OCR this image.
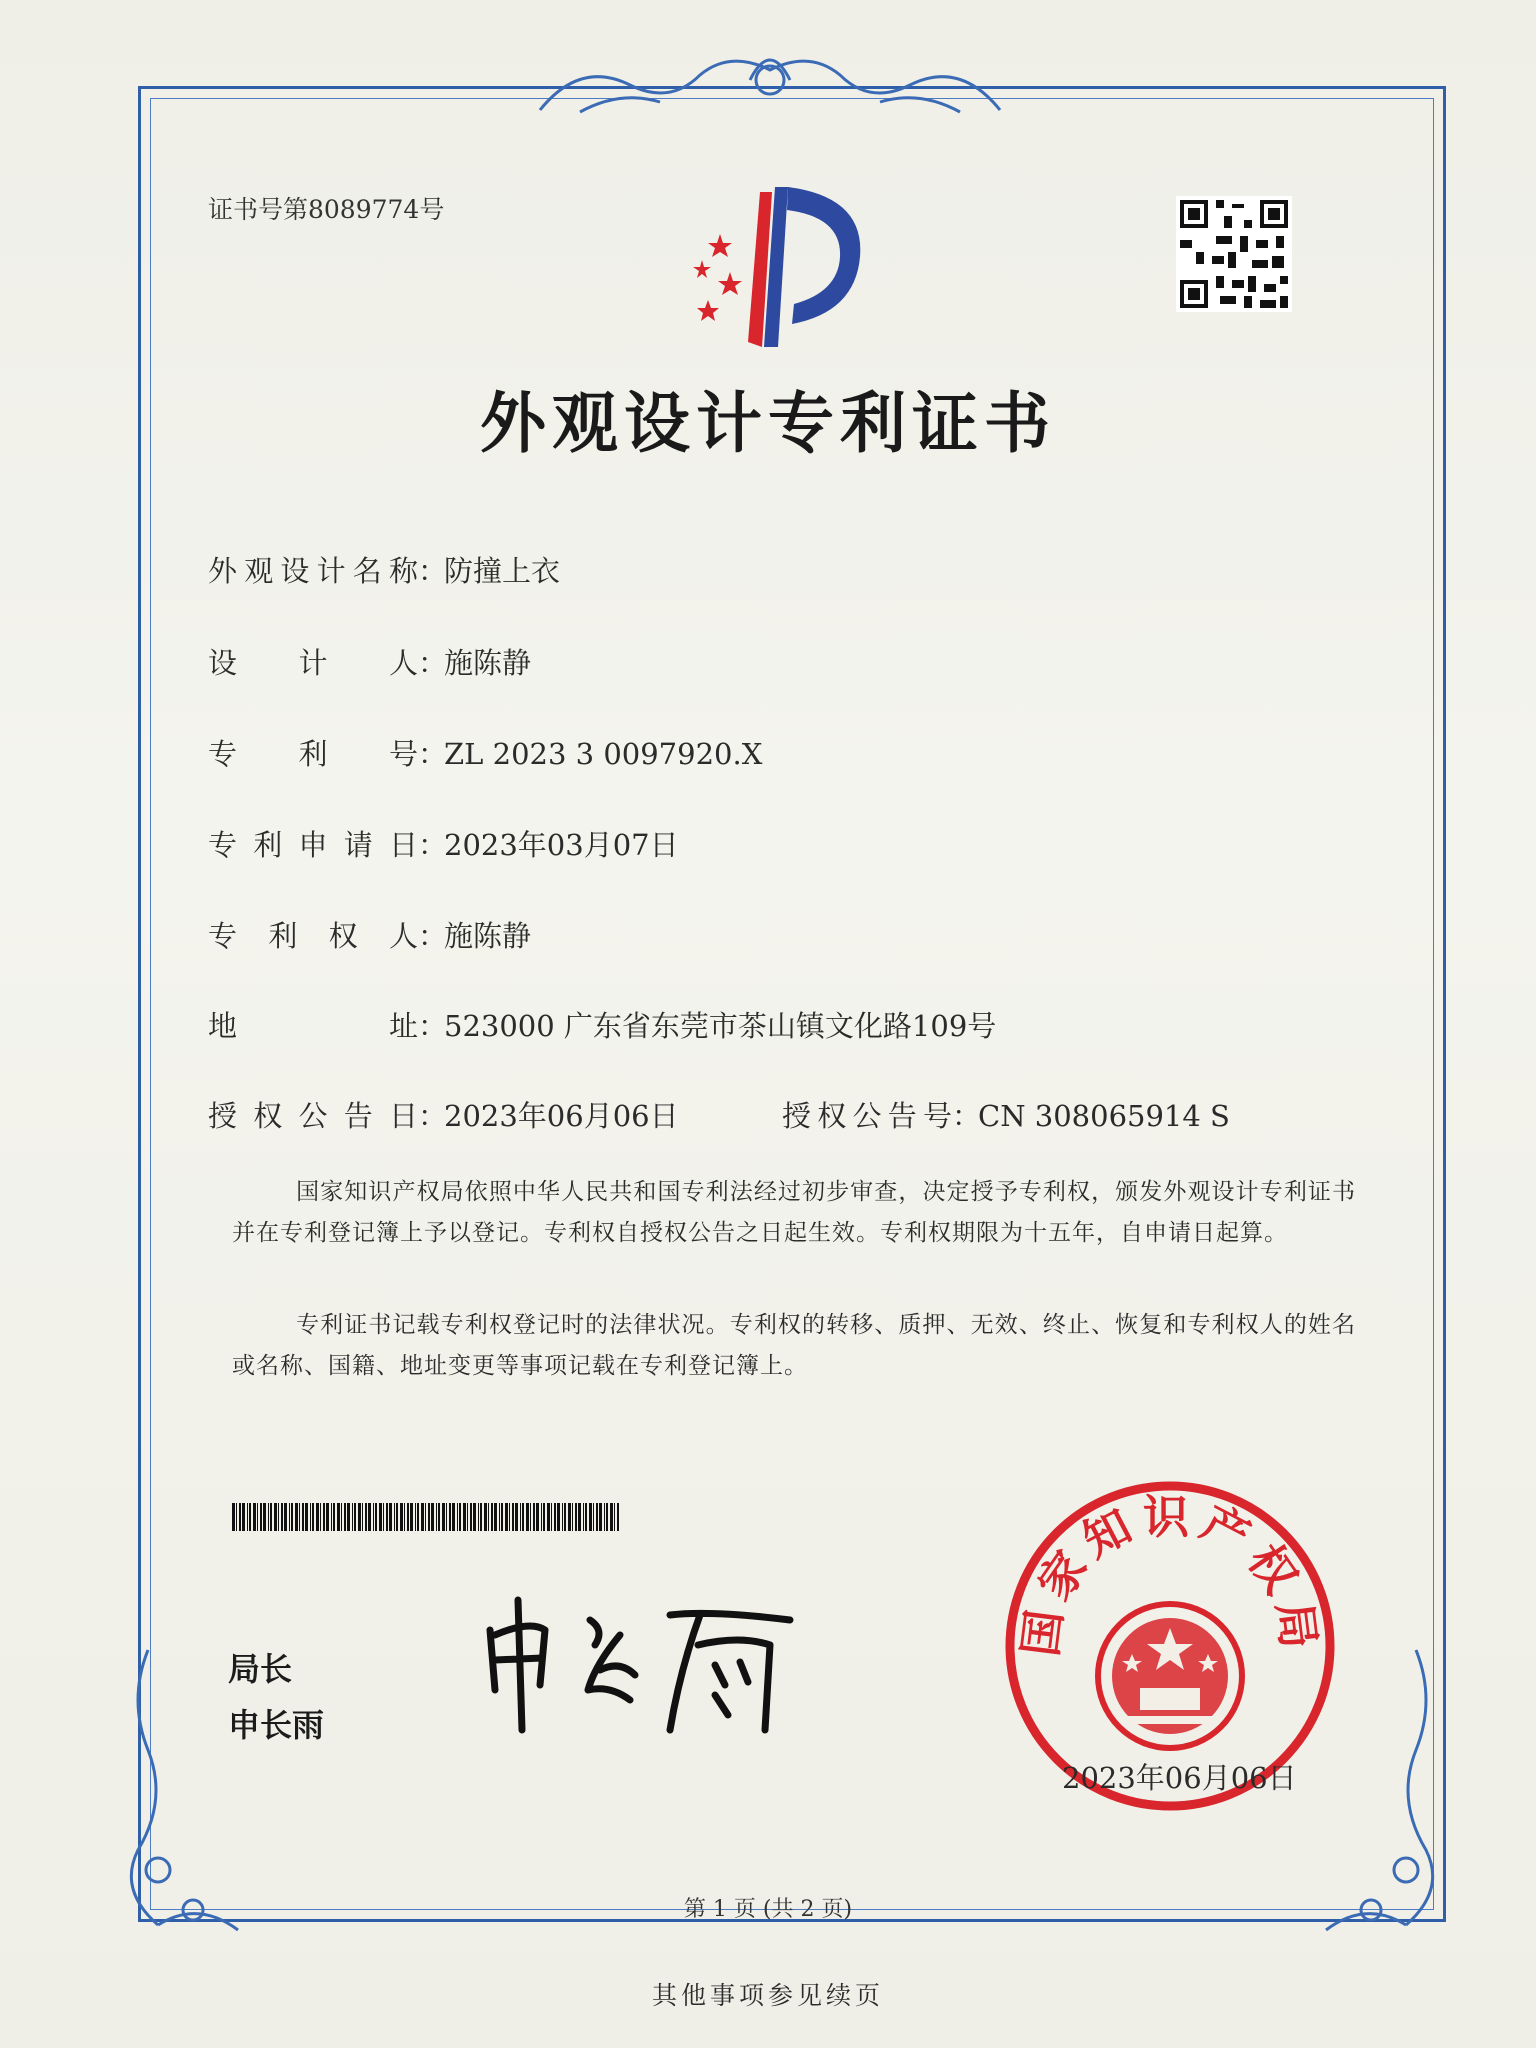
证书号第8089774号
外观设计专利证书
外观设计名称：防撞上衣
设计人：施陈静
专利号：ZL 2023 3 0097920.X
专利申请日：2023年03月07日
专利权人：施陈静
地址：523000 广东省东莞市茶山镇文化路109号
授权公告日：2023年06月06日	授权公告号：CN 308065914 S
国家知识产权局依照中华人民共和国专利法经过初步审查，决定授予专利权，颁发外观设计专利证书并在专利登记簿上予以登记。专利权自授权公告之日起生效。专利权期限为十五年，自申请日起算。
专利证书记载专利权登记时的法律状况。专利权的转移、质押、无效、终止、恢复和专利权人的姓名或名称、国籍、地址变更等事项记载在专利登记簿上。
局长
申长雨
国家知识产权局
2023年06月06日
第 1 页 (共 2 页)
其他事项参见续页
